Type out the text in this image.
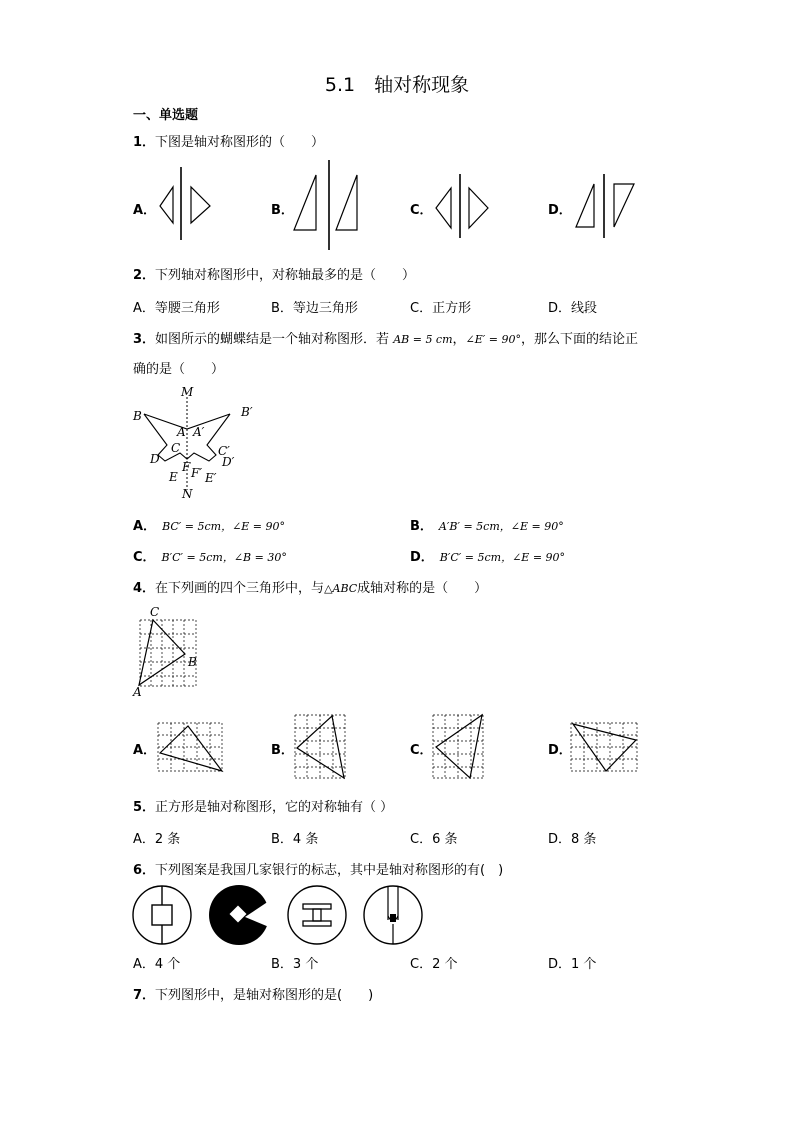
5.1　轴对称现象
一、单选题
1．下图是轴对称图形的（　　）
A．	B．	C．	D．
2．下列轴对称图形中，对称轴最多的是（　　）
A．等腰三角形	B．等边三角形	C．正方形	D．线段
3．如图所示的蝴蝶结是一个轴对称图形．若 AB = 5 cm，∠E′ = 90°，那么下面的结论正
确的是（　　）
M
B	B′
A A′
C	C′
D	D′
F F′
E E′
N
A． BC′ = 5cm，∠E = 90°	B． A′B′ = 5cm，∠E = 90°
C． B′C′ = 5cm，∠B = 30°	D． B′C′ = 5cm，∠E = 90°
4．在下列画的四个三角形中，与△ABC成轴对称的是（　　）
C
B
A
A．	B．	C．	D．
5．正方形是轴对称图形，它的对称轴有（ ）
A．2 条	B．4 条	C．6 条	D．8 条
6．下列图案是我国几家银行的标志，其中是轴对称图形的有(　)
A．4 个	B．3 个	C．2 个	D．1 个
7．下列图形中，是轴对称图形的是(　　)
